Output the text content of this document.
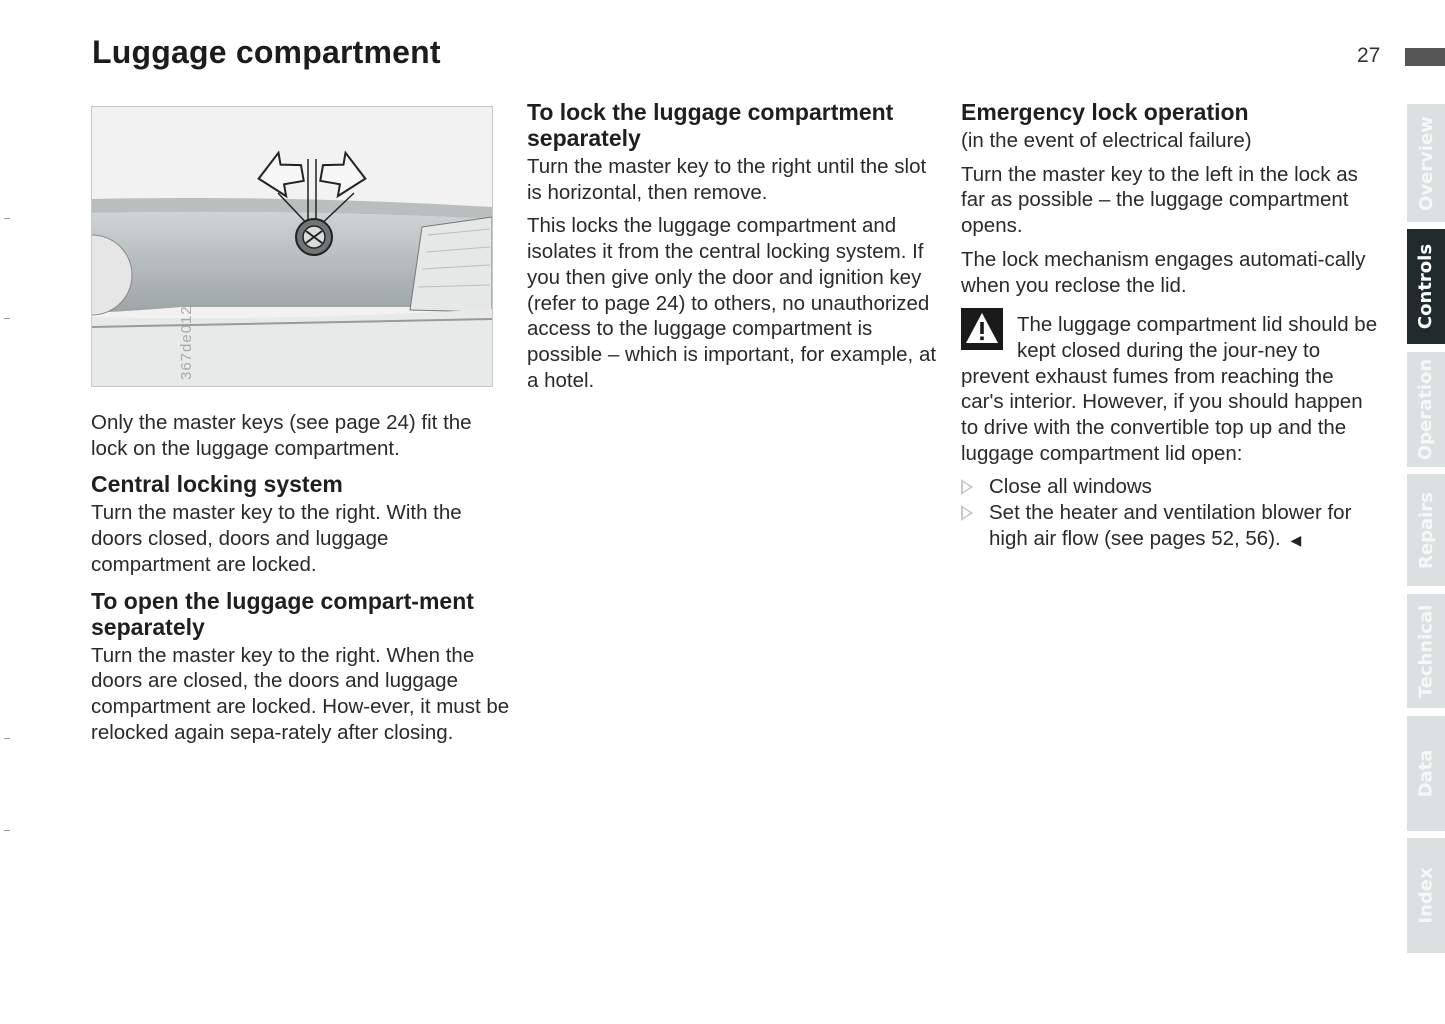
Luggage compartment	27
367de012

Only the master keys (see page 24) fit the lock on the luggage compartment.

Central locking system

Turn the master key to the right. With the doors closed, doors and luggage compartment are locked.

To open the luggage compart-ment separately

Turn the master key to the right. When the doors are closed, the doors and luggage compartment are locked. How-ever, it must be relocked again sepa-rately after closing.

To lock the luggage compartment separately

Turn the master key to the right until the slot is horizontal, then remove.

This locks the luggage compartment and isolates it from the central locking system. If you then give only the door and ignition key (refer to page 24) to others, no unauthorized access to the luggage compartment is possible – which is important, for example, at a hotel.

Emergency lock operation

(in the event of electrical failure)

Turn the master key to the left in the lock as far as possible – the luggage compartment opens.

The lock mechanism engages automati-cally when you reclose the lid.

The luggage compartment lid should be kept closed during the jour-ney to prevent exhaust fumes from reaching the car's interior. However, if you should happen to drive with the convertible top up and the luggage compartment lid open:

Close all windows
Set the heater and ventilation blower for high air flow (see pages 52, 56). ◀
Overview
Controls
Operation
Repairs
Technical
Data
Index
